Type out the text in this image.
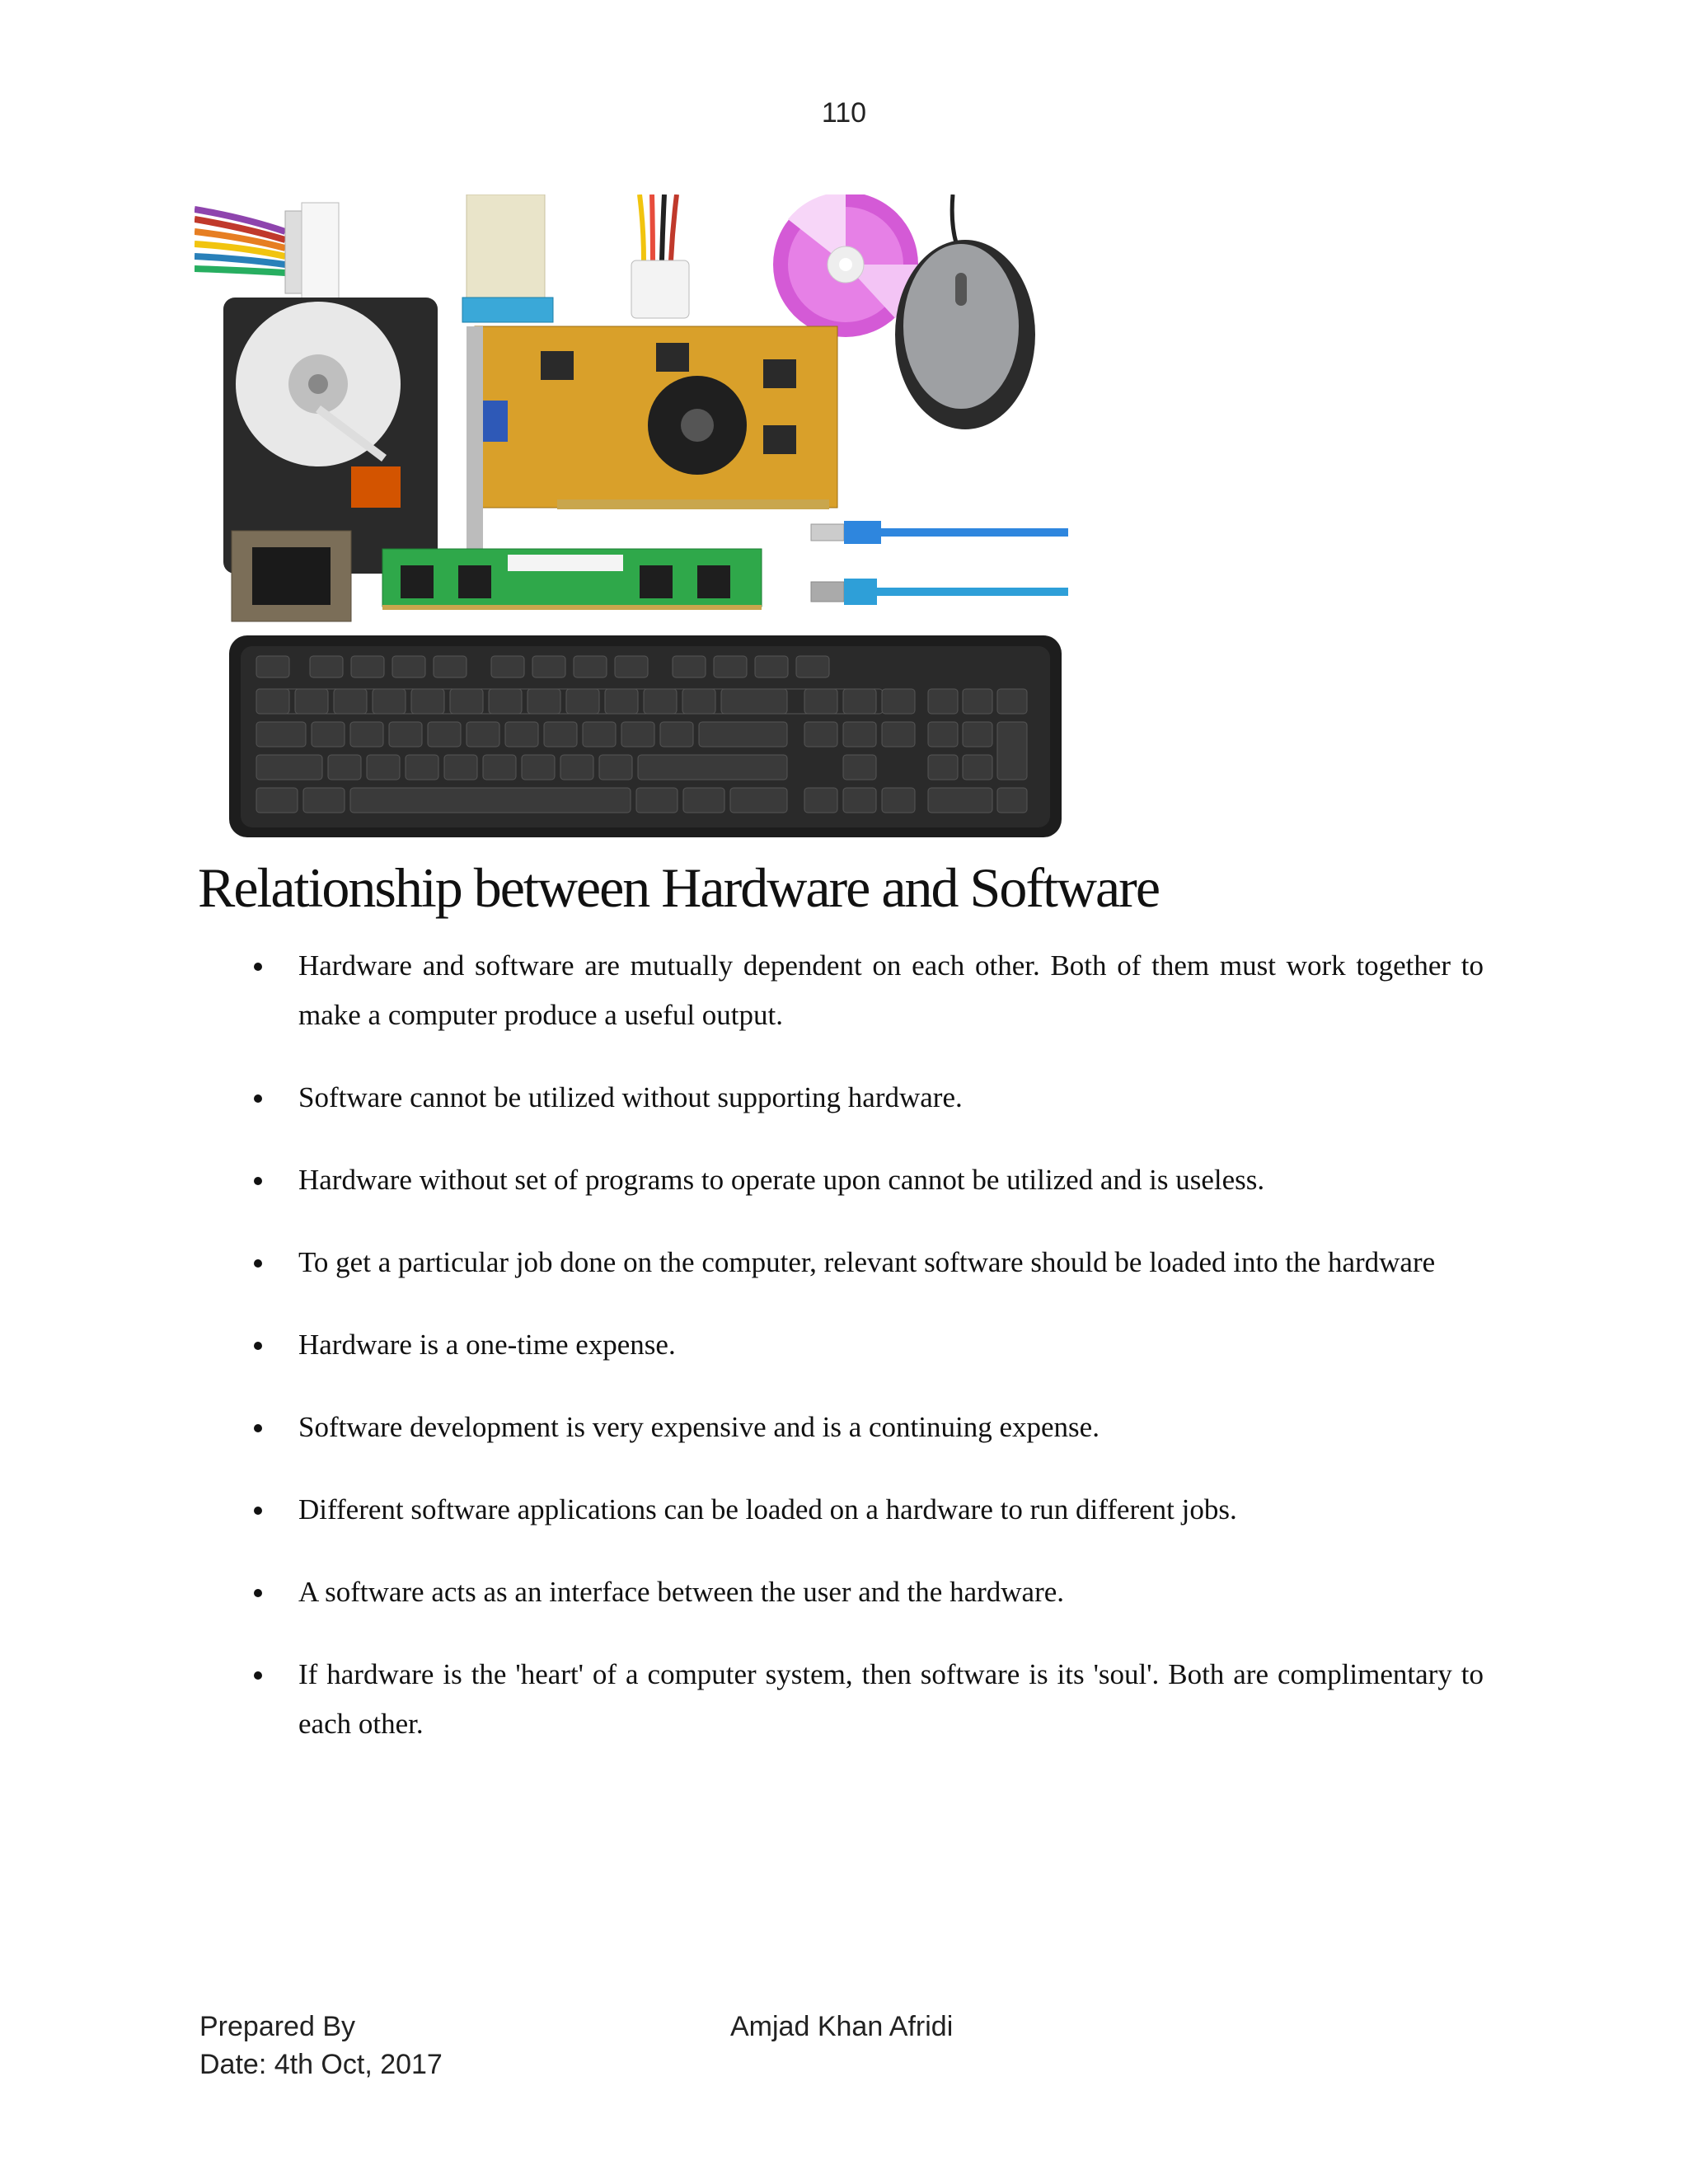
110
Relationship between Hardware and Software
Hardware and software are mutually dependent on each other. Both of them must work together to make a computer produce a useful output.
Software cannot be utilized without supporting hardware.
Hardware without set of programs to operate upon cannot be utilized and is useless.
To get a particular job done on the computer, relevant software should be loaded into the hardware
Hardware is a one-time expense.
Software development is very expensive and is a continuing expense.
Different software applications can be loaded on a hardware to run different jobs.
A software acts as an interface between the user and the hardware.
If hardware is the 'heart' of a computer system, then software is its 'soul'. Both are complimentary to each other.
Prepared By
Date: 4th Oct, 2017
Amjad Khan Afridi
